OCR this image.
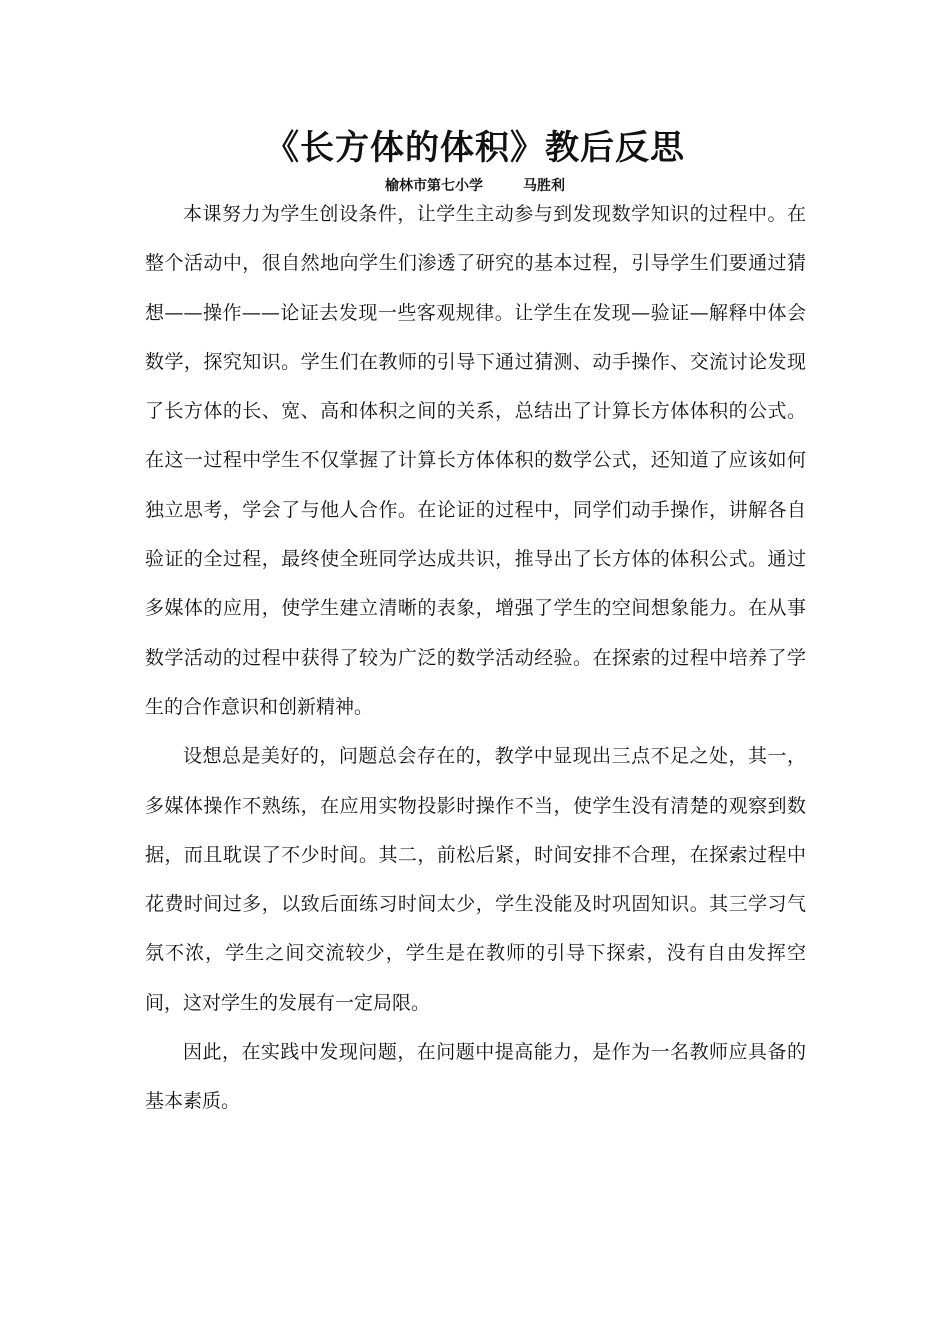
《长方体的体积》教后反思
榆林市第七小学	马胜利

本课努力为学生创设条件，让学生主动参与到发现数学知识的过程中。在整个活动中，很自然地向学生们渗透了研究的基本过程，引导学生们要通过猜想——操作——论证去发现一些客观规律。让学生在发现—验证—解释中体会数学，探究知识。学生们在教师的引导下通过猜测、动手操作、交流讨论发现了长方体的长、宽、高和体积之间的关系，总结出了计算长方体体积的公式。在这一过程中学生不仅掌握了计算长方体体积的数学公式，还知道了应该如何独立思考，学会了与他人合作。在论证的过程中，同学们动手操作，讲解各自验证的全过程，最终使全班同学达成共识，推导出了长方体的体积公式。通过多媒体的应用，使学生建立清晰的表象，增强了学生的空间想象能力。在从事数学活动的过程中获得了较为广泛的数学活动经验。在探索的过程中培养了学生的合作意识和创新精神。

设想总是美好的，问题总会存在的，教学中显现出三点不足之处，其一，多媒体操作不熟练，在应用实物投影时操作不当，使学生没有清楚的观察到数据，而且耽误了不少时间。其二，前松后紧，时间安排不合理，在探索过程中花费时间过多，以致后面练习时间太少，学生没能及时巩固知识。其三学习气氛不浓，学生之间交流较少，学生是在教师的引导下探索，没有自由发挥空间，这对学生的发展有一定局限。

因此，在实践中发现问题，在问题中提高能力，是作为一名教师应具备的基本素质。
